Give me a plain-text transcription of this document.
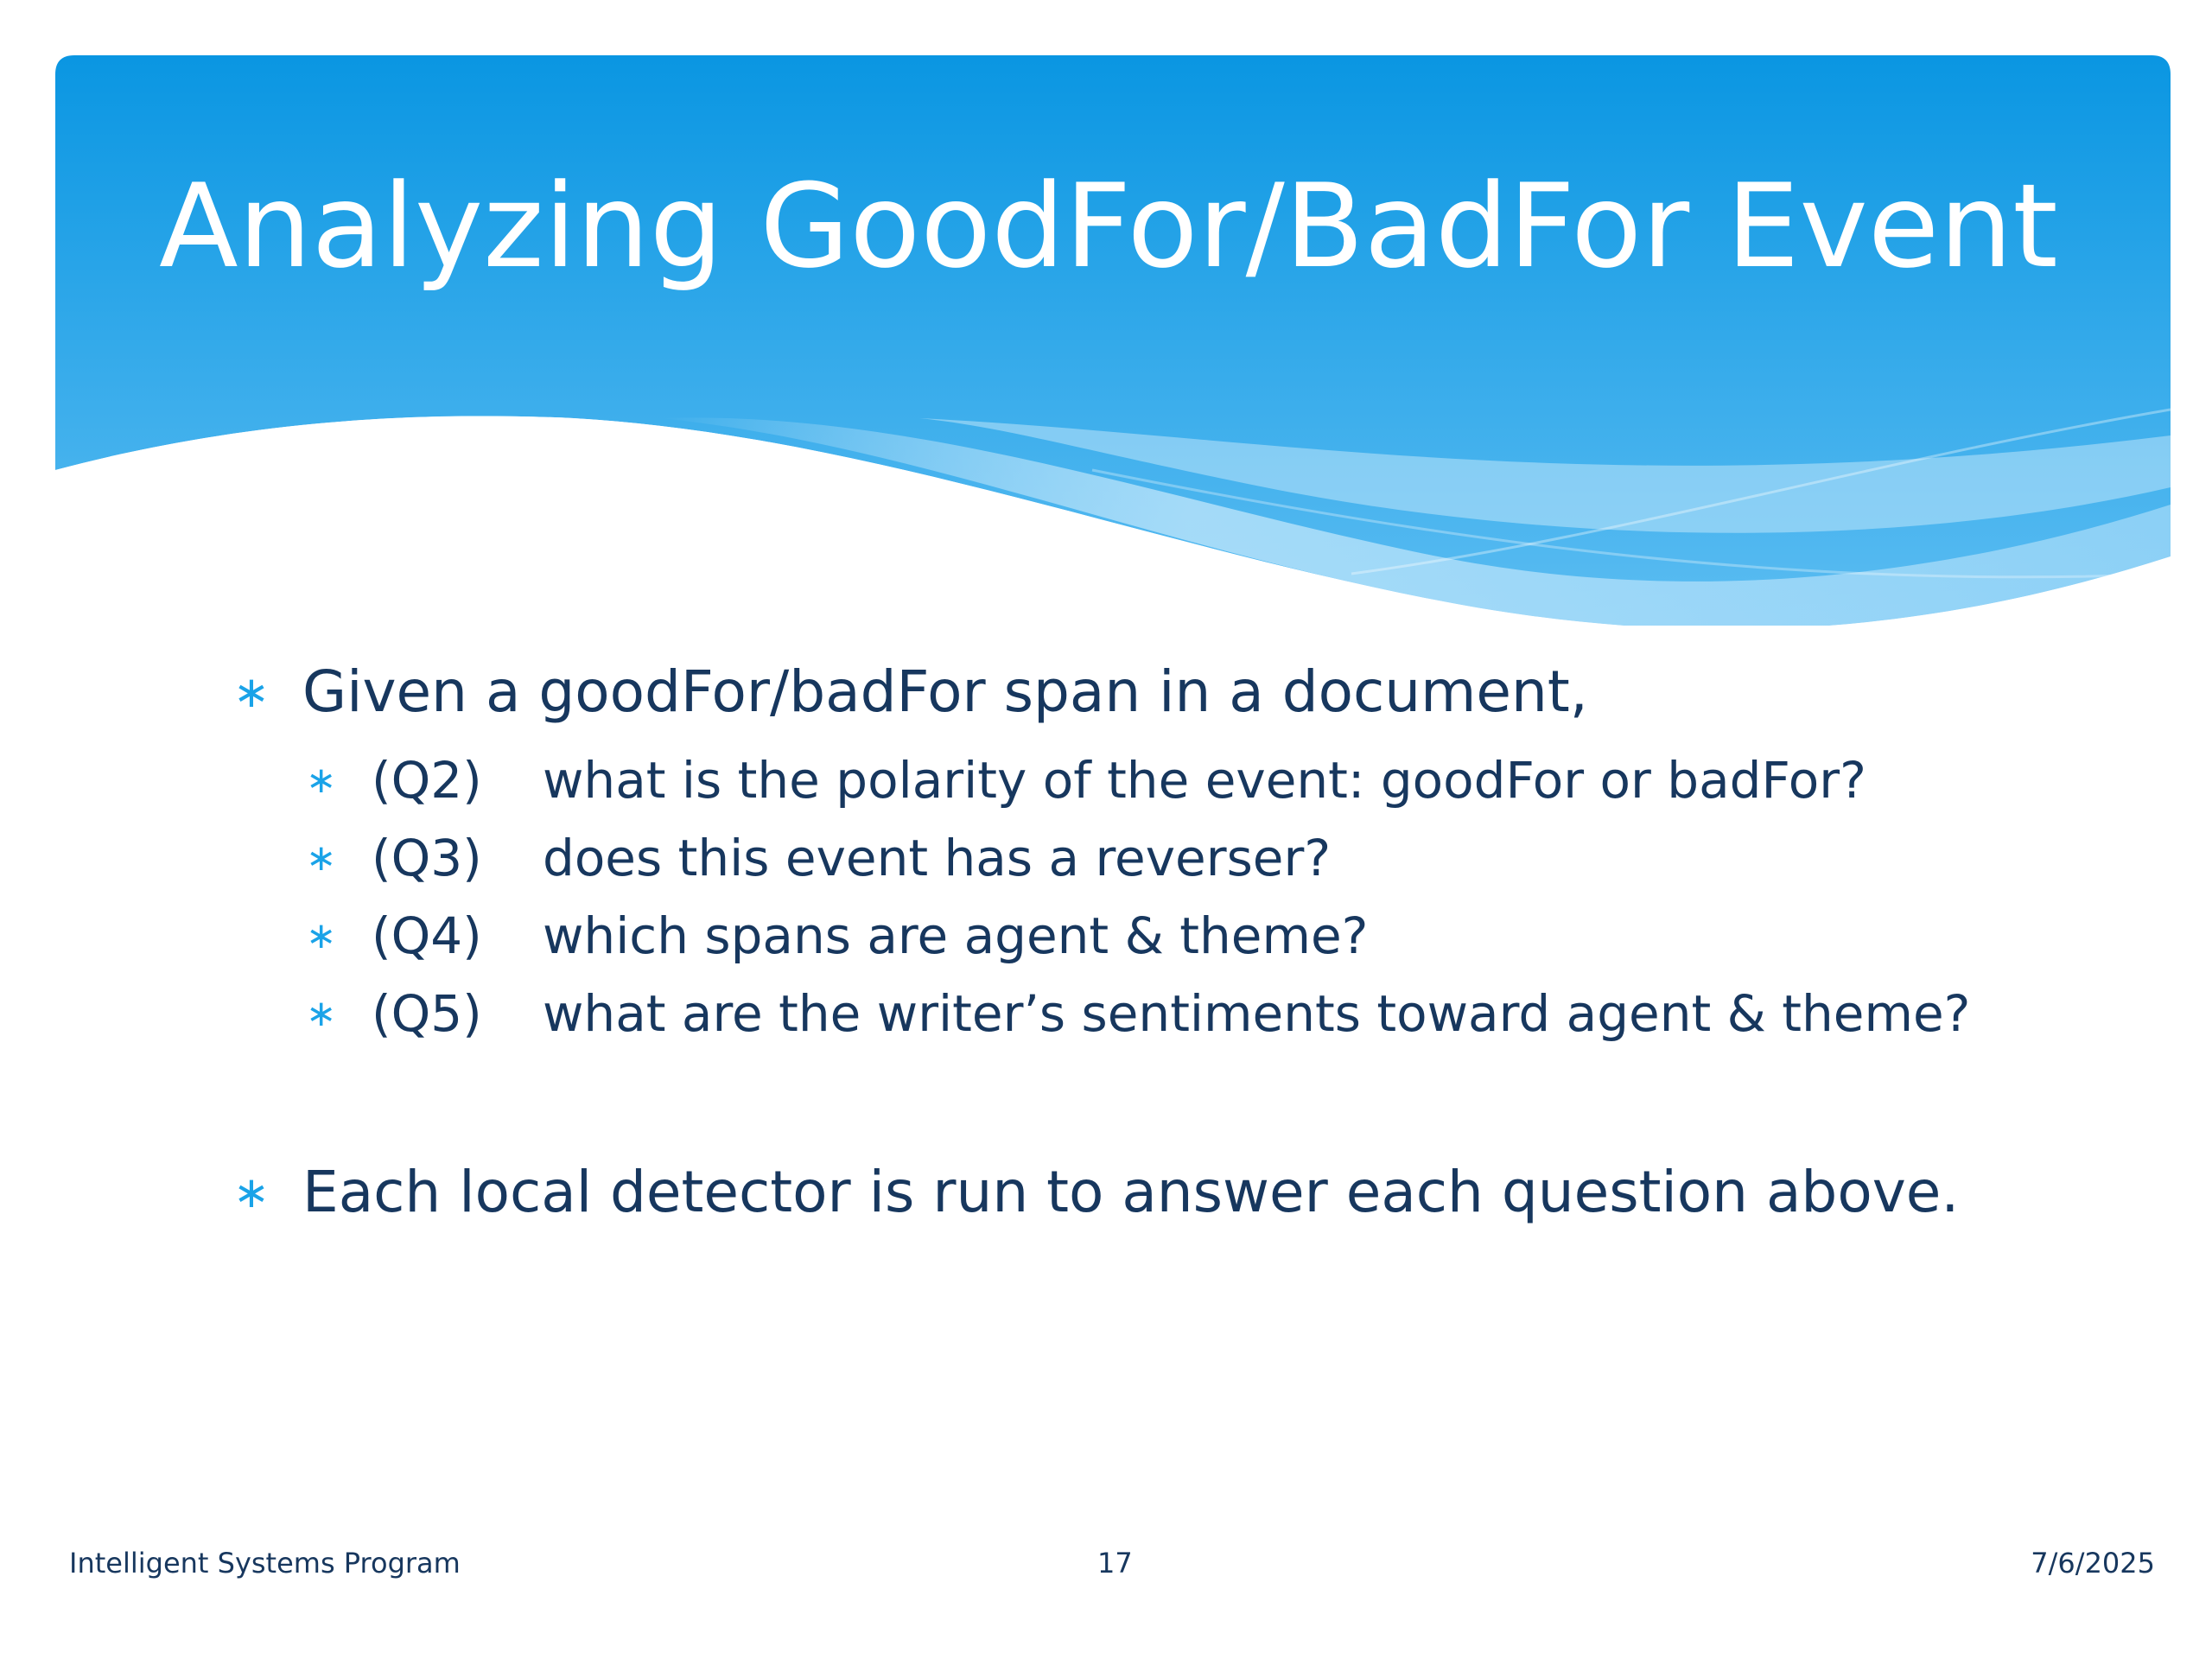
Analyzing GoodFor/BadFor Event
∗ Given a goodFor/badFor span in a document,
∗ (Q2) what is the polarity of the event: goodFor or badFor?
∗ (Q3) does this event has a reverser?
∗ (Q4) which spans are agent & theme?
∗ (Q5) what are the writer’s sentiments toward agent & theme?
∗ Each local detector is run to answer each question above.
Intelligent Systems Program	17	7/6/2025
